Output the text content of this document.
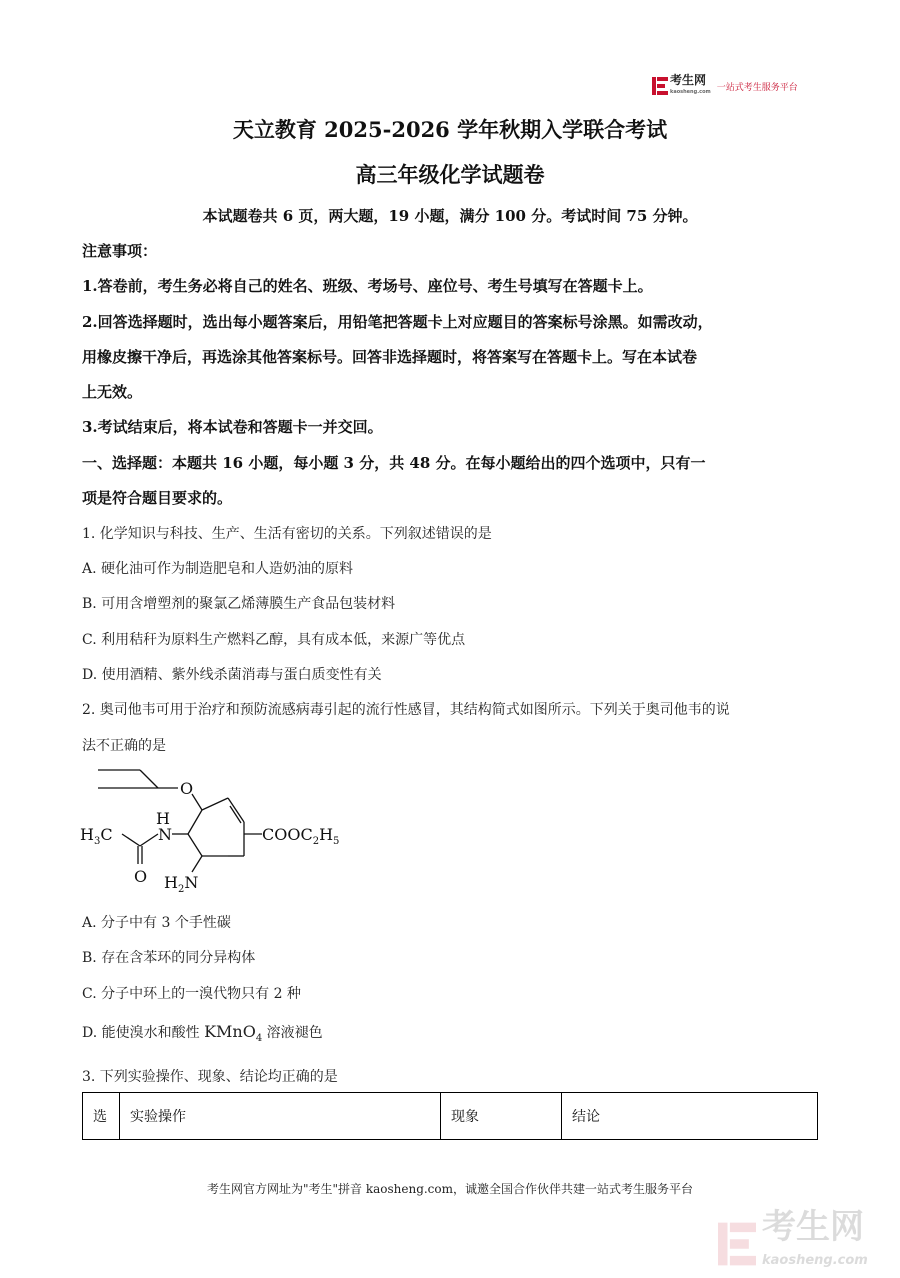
考生网
kaosheng.com 一站式考生服务平台
天立教育 2025-2026 学年秋期入学联合考试
高三年级化学试题卷
本试题卷共 6 页，两大题，19 小题，满分 100 分。考试时间 75 分钟。
注意事项：
1.答卷前，考生务必将自己的姓名、班级、考场号、座位号、考生号填写在答题卡上。
2.回答选择题时，选出每小题答案后，用铅笔把答题卡上对应题目的答案标号涂黑。如需改动，
用橡皮擦干净后，再选涂其他答案标号。回答非选择题时，将答案写在答题卡上。写在本试卷
上无效。
3.考试结束后，将本试卷和答题卡一并交回。
一、选择题：本题共 16 小题，每小题 3 分，共 48 分。在每小题给出的四个选项中，只有一
项是符合题目要求的。
1. 化学知识与科技、生产、生活有密切的关系。下列叙述错误的是
A. 硬化油可作为制造肥皂和人造奶油的原料
B. 可用含增塑剂的聚氯乙烯薄膜生产食品包装材料
C. 利用秸秆为原料生产燃料乙醇，具有成本低，来源广等优点
D. 使用酒精、紫外线杀菌消毒与蛋白质变性有关
2. 奥司他韦可用于治疗和预防流感病毒引起的流行性感冒，其结构简式如图所示。下列关于奥司他韦的说
法不正确的是
O
$H_3C$
H
N
O
$COOC_2H_5$
$H_2N$
A. 分子中有 3 个手性碳
B. 存在含苯环的同分异构体
C. 分子中环上的一溴代物只有 2 种
D. 能使溴水和酸性 KMnO$_4$ 溶液褪色
3. 下列实验操作、现象、结论均正确的是
选	实验操作	现象	结论
考生网官方网址为"考生"拼音 kaosheng.com，诚邀全国合作伙伴共建一站式考生服务平台
考生网
kaosheng.com
